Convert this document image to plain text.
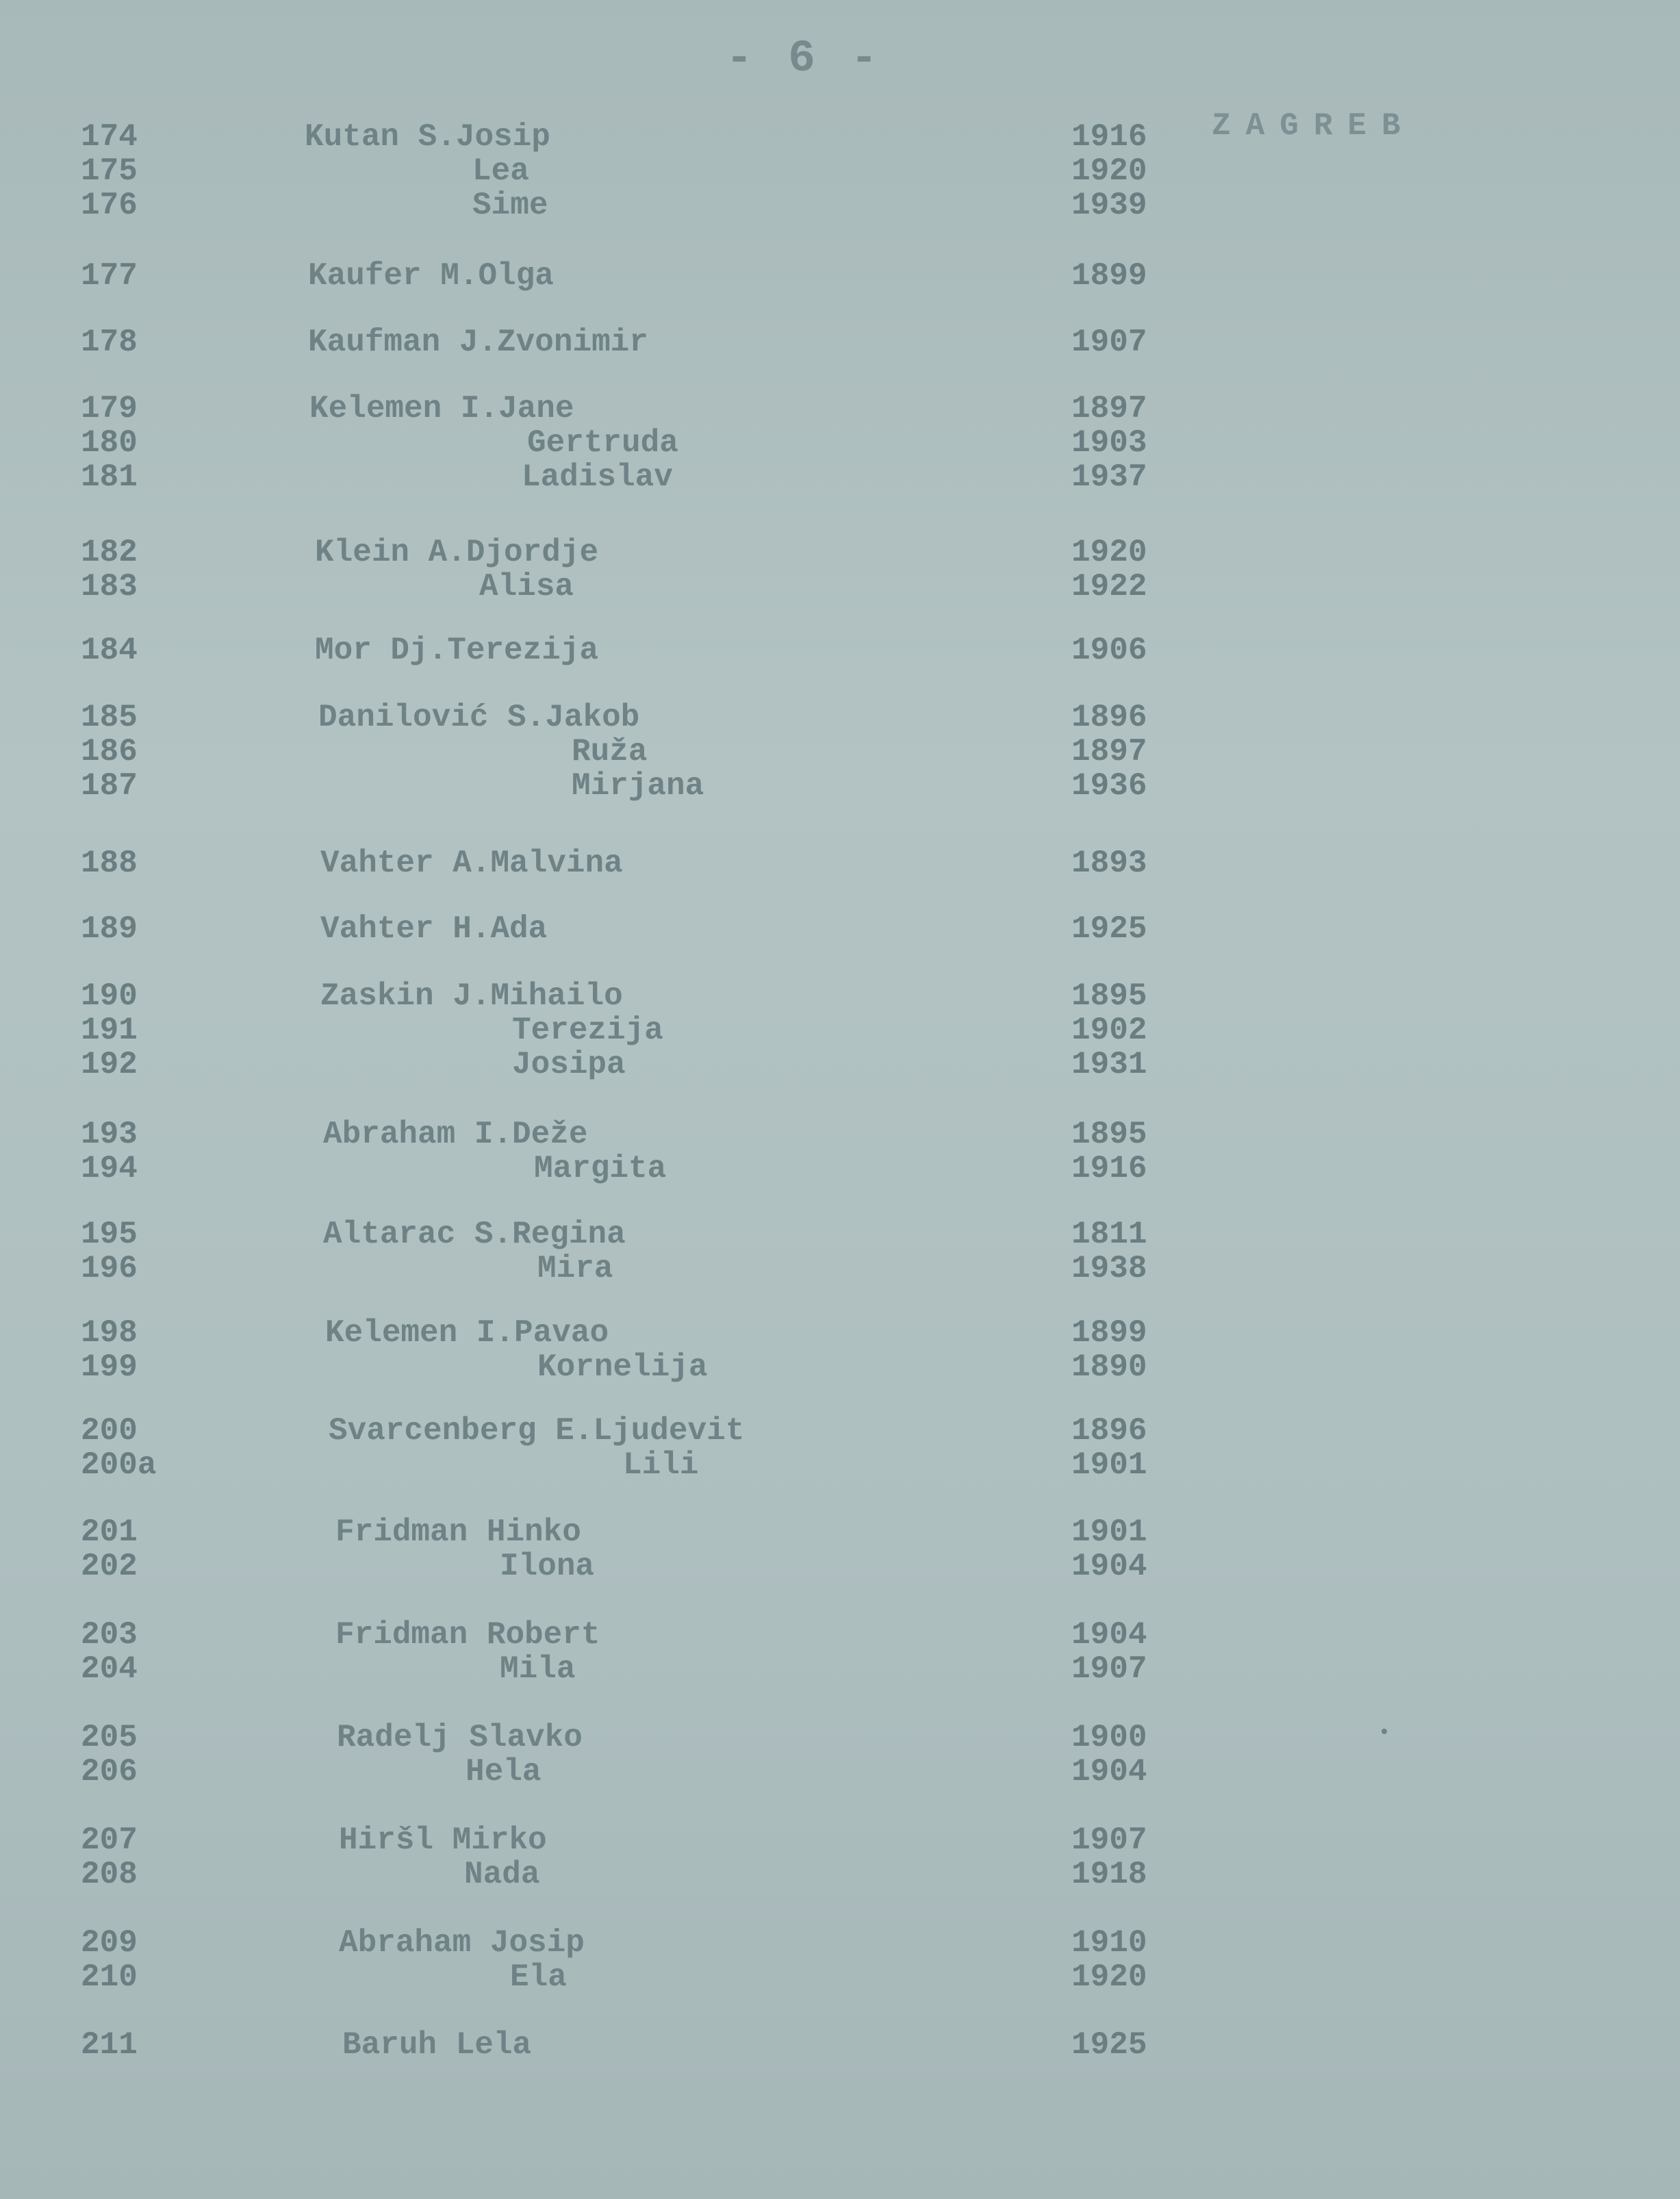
- 6 -
ZAGREB
174	Kutan S.Josip	1916
175	Lea	1920
176	Sime	1939
177	Kaufer M.Olga	1899
178	Kaufman J.Zvonimir	1907
179	Kelemen I.Jane	1897
180	Gertruda	1903
181	Ladislav	1937
182	Klein A.Djordje	1920
183	Alisa	1922
184	Mor Dj.Terezija	1906
185	Danilović S.Jakob	1896
186	Ruža	1897
187	Mirjana	1936
188	Vahter A.Malvina	1893
189	Vahter H.Ada	1925
190	Zaskin J.Mihailo	1895
191	Terezija	1902
192	Josipa	1931
193	Abraham I.Deže	1895
194	Margita	1916
195	Altarac S.Regina	1811
196	Mira	1938
198	Kelemen I.Pavao	1899
199	Kornelija	1890
200	Svarcenberg E.Ljudevit	1896
200a	Lili	1901
201	Fridman Hinko	1901
202	Ilona	1904
203	Fridman Robert	1904
204	Mila	1907
205	Radelj Slavko	1900
206	Hela	1904
207	Hiršl Mirko	1907
208	Nada	1918
209	Abraham Josip	1910
210	Ela	1920
211	Baruh Lela	1925
